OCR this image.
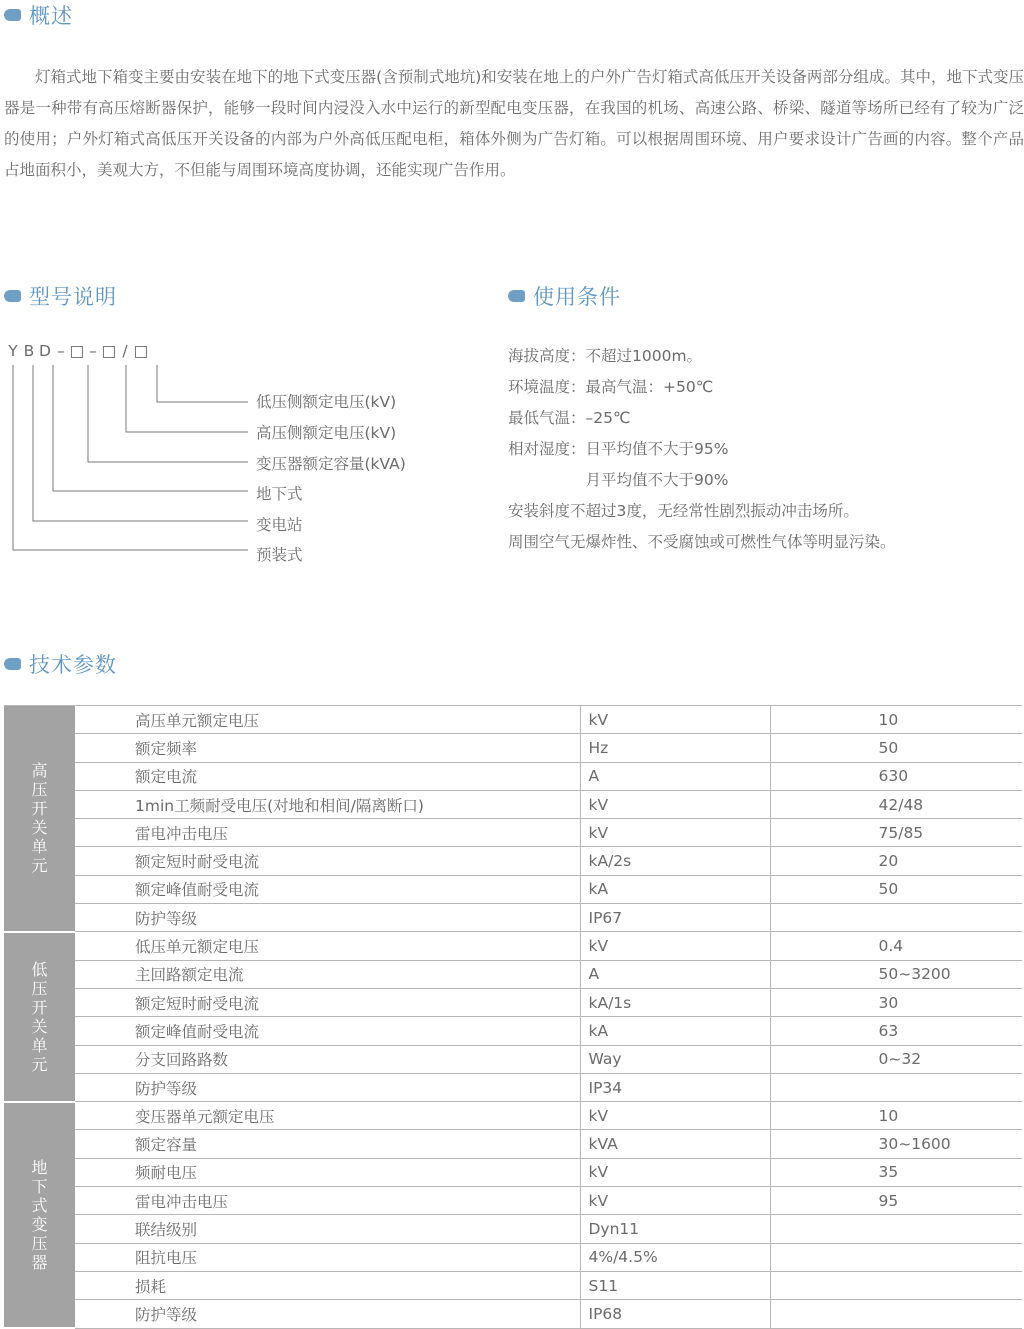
概述

灯箱式地下箱变主要由安装在地下的地下式变压器(含预制式地坑)和安装在地上的户外广告灯箱式高低压开关设备两部分组成。其中，地下式变压器是一种带有高压熔断器保护，能够一段时间内浸没入水中运行的新型配电变压器，在我国的机场、高速公路、桥梁、隧道等场所已经有了较为广泛的使用；户外灯箱式高低压开关设备的内部为户外高低压配电柜，箱体外侧为广告灯箱。可以根据周围环境、用户要求设计广告画的内容。整个产品占地面积小，美观大方，不但能与周围环境高度协调，还能实现广告作用。

型号说明
Y B D – □ – □ / □
低压侧额定电压(kV)
高压侧额定电压(kV)
变压器额定容量(kVA)
地下式
变电站
预装式
使用条件
海拔高度：不超过1000m。
环境温度：最高气温：+50℃
最低气温：–25℃
相对湿度：日平均值不大于95%
　　　　　月平均值不大于90%
安装斜度不超过3度，无经常性剧烈振动冲击场所。
周围空气无爆炸性、不受腐蚀或可燃性气体等明显污染。
技术参数
高压开关单元	高压单元额定电压	kV	10
	额定频率	Hz	50
	额定电流	A	630
	1min工频耐受电压(对地和相间/隔离断口)	kV	42/48
	雷电冲击电压	kV	75/85
	额定短时耐受电流	kA/2s	20
	额定峰值耐受电流	kA	50
	防护等级	IP67	
低压开关单元	低压单元额定电压	kV	0.4
	主回路额定电流	A	50~3200
	额定短时耐受电流	kA/1s	30
	额定峰值耐受电流	kA	63
	分支回路路数	Way	0~32
	防护等级	IP34	
地下式变压器	变压器单元额定电压	kV	10
	额定容量	kVA	30~1600
	频耐电压	kV	35
	雷电冲击电压	kV	95
	联结级别	Dyn11	
	阻抗电压	4%/4.5%	
	损耗	S11	
	防护等级	IP68	
